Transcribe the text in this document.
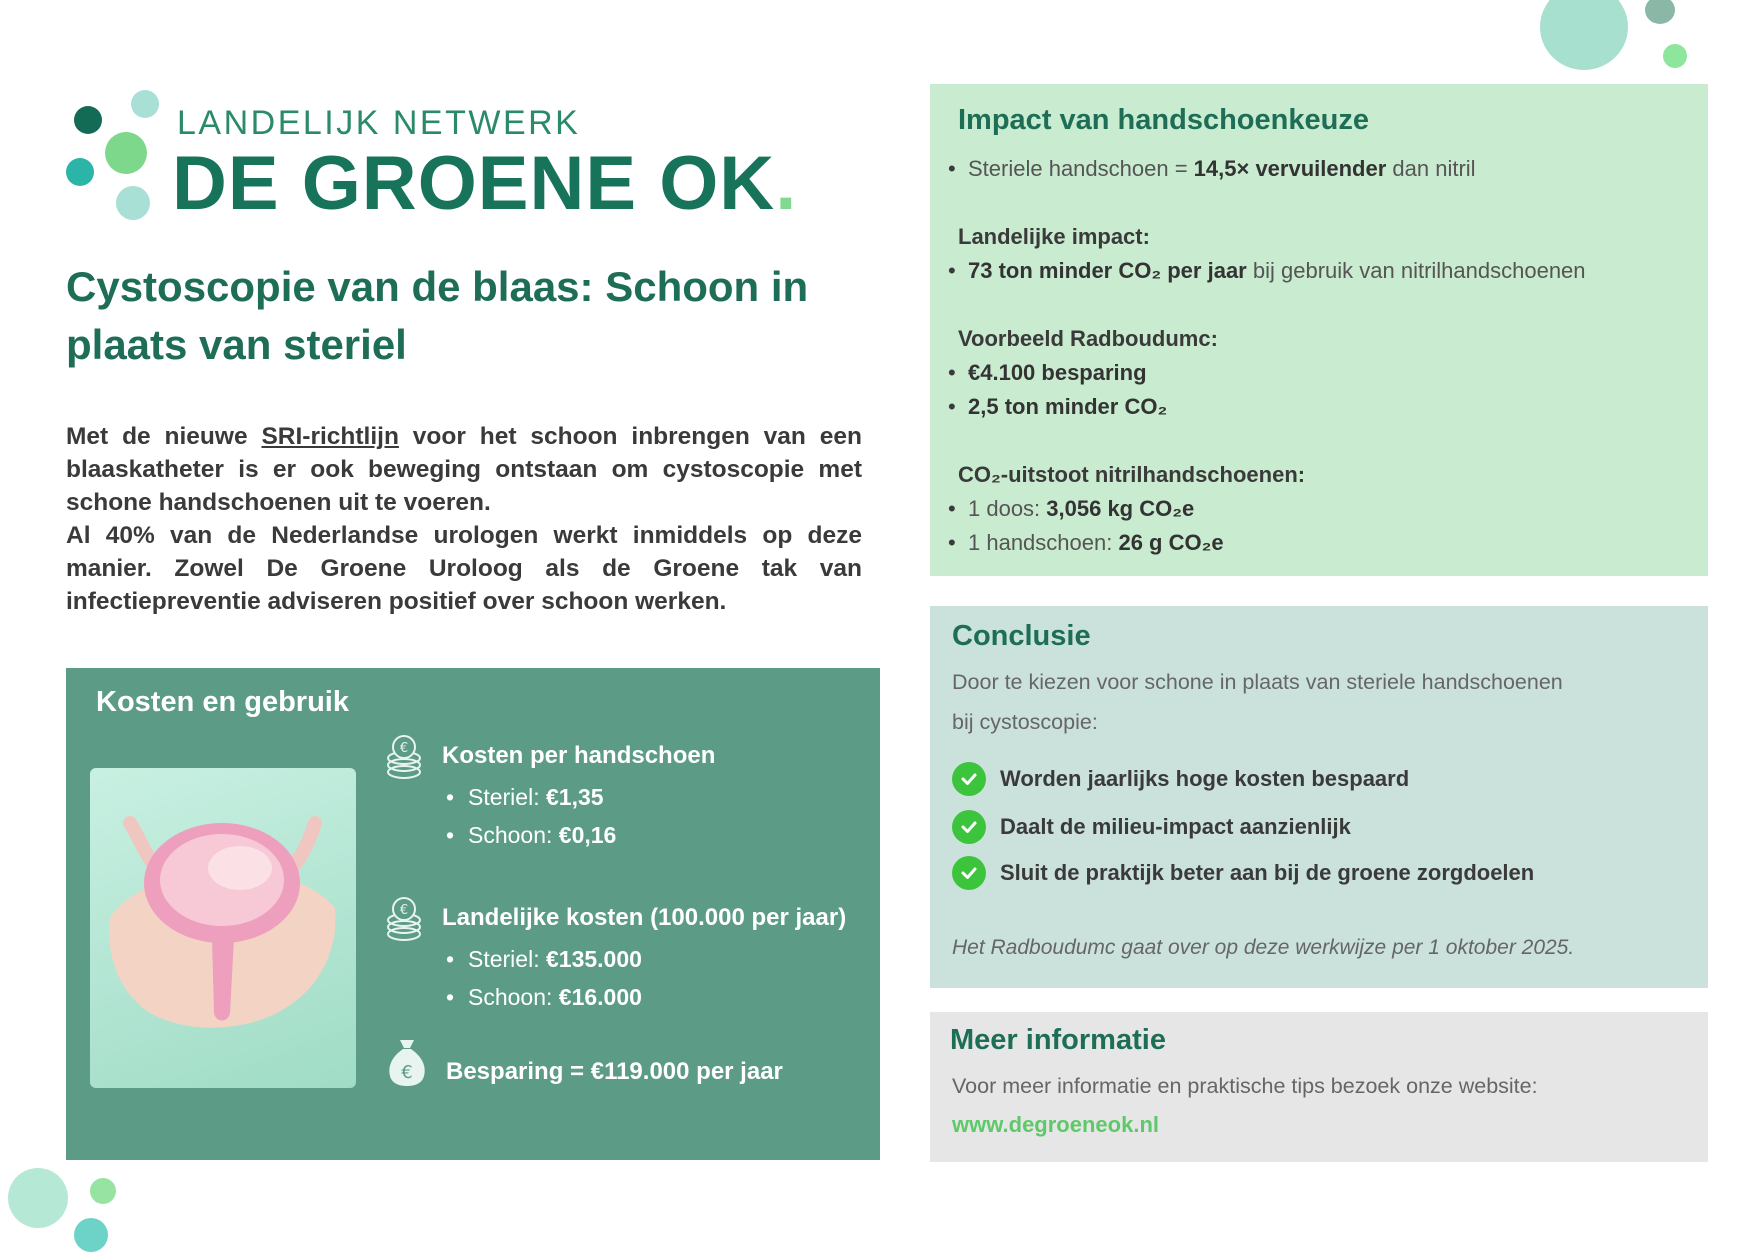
LANDELIJK NETWERK
DE GROENE OK.
Cystoscopie van de blaas: Schoon in plaats van steriel

Met de nieuwe SRI-richtlijn voor het schoon inbrengen van een blaaskatheter is er ook beweging ontstaan om cystoscopie met schone handschoenen uit te voeren.

Al 40% van de Nederlandse urologen werkt inmiddels op deze manier. Zowel De Groene Uroloog als de Groene tak van infectiepreventie adviseren positief over schoon werken.

Kosten en gebruik
€ Kosten per handschoen
• Steriel: €1,35
• Schoon: €0,16
€ Landelijke kosten (100.000 per jaar)
• Steriel: €135.000
• Schoon: €16.000
€ Besparing = €119.000 per jaar
Impact van handschoenkeuze
• Steriele handschoen = 14,5× vervuilender dan nitril
Landelijke impact:
• 73 ton minder CO₂ per jaar bij gebruik van nitrilhandschoenen
Voorbeeld Radboudumc:
• €4.100 besparing
• 2,5 ton minder CO₂
CO₂-uitstoot nitrilhandschoenen:
• 1 doos: 3,056 kg CO₂e
• 1 handschoen: 26 g CO₂e
Conclusie
Door te kiezen voor schone in plaats van steriele handschoenen
bij cystoscopie:
Worden jaarlijks hoge kosten bespaard
Daalt de milieu-impact aanzienlijk
Sluit de praktijk beter aan bij de groene zorgdoelen
Het Radboudumc gaat over op deze werkwijze per 1 oktober 2025.
Meer informatie
Voor meer informatie en praktische tips bezoek onze website:
www.degroeneok.nl
